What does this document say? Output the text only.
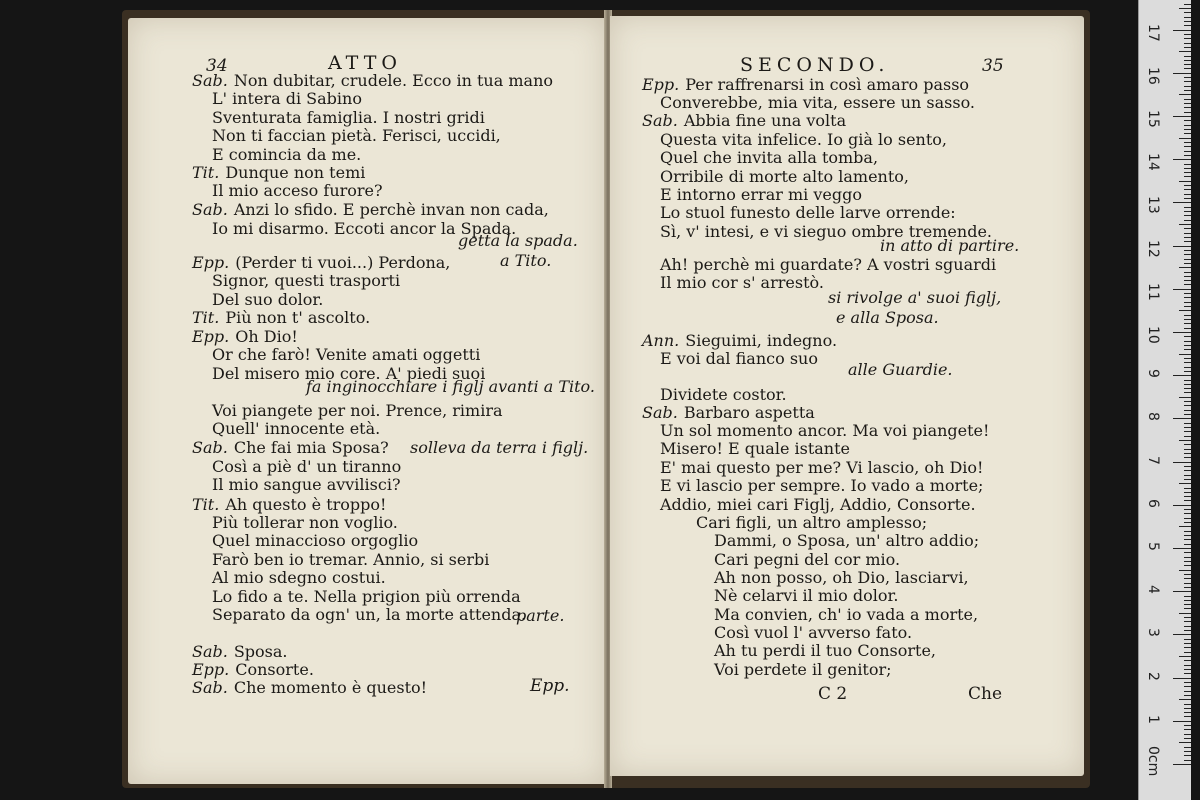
34	ATTO
Sab. Non dubitar, crudele. Ecco in tua mano
L' intera di Sabino
Sventurata famiglia. I nostri gridi
Non ti faccian pietà. Ferisci, uccidi,
E comincia da me.
Tit. Dunque non temi
Il mio acceso furore?
Sab. Anzi lo sfido. E perchè invan non cada,
Io mi disarmo. Eccoti ancor la Spada.
Epp. (Perder ti vuoi...) Perdona,
Signor, questi trasporti
Del suo dolor.
Tit. Più non t' ascolto.
Epp. Oh Dio!
Or che farò! Venite amati oggetti
Del misero mio core. A' piedi suoi
Voi piangete per noi. Prence, rimira
Quell' innocente età.
Sab. Che fai mia Sposa?
Così a piè d' un tiranno
Il mio sangue avvilisci?
Tit. Ah questo è troppo!
Più tollerar non voglio.
Quel minaccioso orgoglio
Farò ben io tremar. Annio, si serbi
Al mio sdegno costui.
Lo fido a te. Nella prigion più orrenda
Separato da ogn' un, la morte attenda.
Sab. Sposa.
Epp. Consorte.
Sab. Che momento è questo!
getta la spada.
a Tito.
fa inginocchiare i figlj avanti a Tito.
solleva da terra i figlj.
parte.
Epp.
SECONDO.	35
Epp. Per raffrenarsi in così amaro passo
Converebbe, mia vita, essere un sasso.
Sab. Abbia fine una volta
Questa vita infelice. Io già lo sento,
Quel che invita alla tomba,
Orribile di morte alto lamento,
E intorno errar mi veggo
Lo stuol funesto delle larve orrende:
Sì, v' intesi, e vi sieguo ombre tremende.
Ah! perchè mi guardate? A vostri sguardi
Il mio cor s' arrestò.
Ann. Sieguimi, indegno.
E voi dal fianco suo
Dividete costor.
Sab. Barbaro aspetta
Un sol momento ancor. Ma voi piangete!
Misero! E quale istante
E' mai questo per me? Vi lascio, oh Dio!
E vi lascio per sempre. Io vado a morte;
Addio, miei cari Figlj, Addio, Consorte.
Cari figli, un altro amplesso;
Dammi, o Sposa, un' altro addio;
Cari pegni del cor mio.
Ah non posso, oh Dio, lasciarvi,
Nè celarvi il mio dolor.
Ma convien, ch' io vada a morte,
Così vuol l' avverso fato.
Ah tu perdi il tuo Consorte,
Voi perdete il genitor;
in atto di partire.
si rivolge a' suoi figlj,
e alla Sposa.
alle Guardie.
C 2	Che
0cm
1
2
3
4
5
6
7
8
9
10
11
12
13
14
15
16
17
